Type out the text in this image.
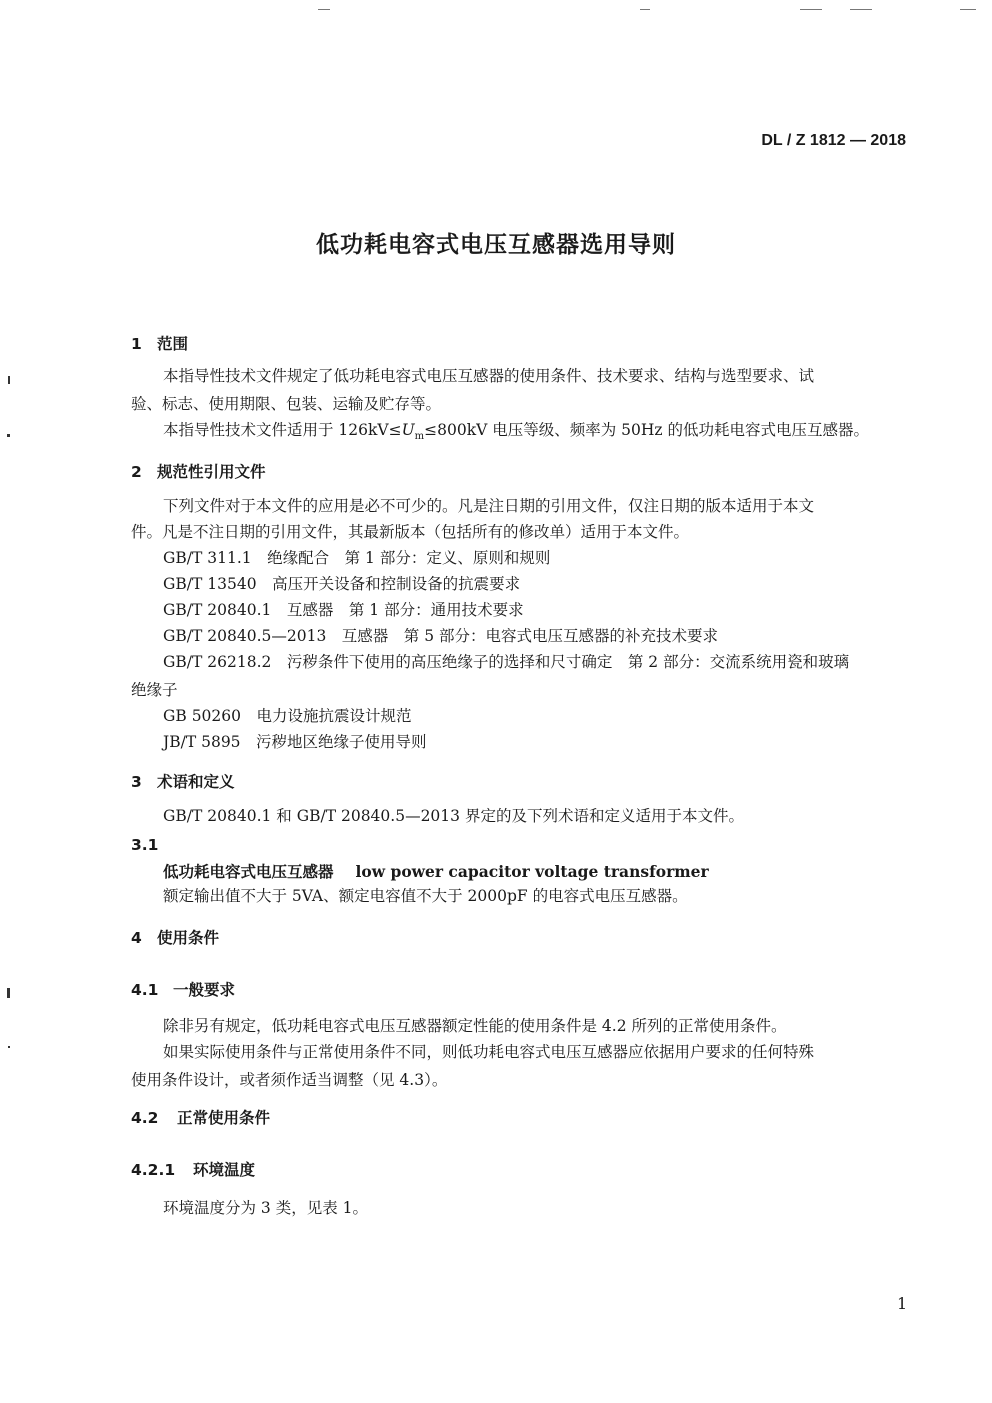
DL / Z 1812 — 2018
低功耗电容式电压互感器选用导则
1 范围
本指导性技术文件规定了低功耗电容式电压互感器的使用条件、技术要求、结构与选型要求、试
验、标志、使用期限、包装、运输及贮存等。
本指导性技术文件适用于 $126kV\le U_m\le 800kV$ 电压等级、频率为 50Hz 的低功耗电容式电压互感器。
2 规范性引用文件
下列文件对于本文件的应用是必不可少的。凡是注日期的引用文件，仅注日期的版本适用于本文
件。凡是不注日期的引用文件，其最新版本（包括所有的修改单）适用于本文件。
GB/T 311.1　绝缘配合　第 1 部分：定义、原则和规则
GB/T 13540　高压开关设备和控制设备的抗震要求
GB/T 20840.1　互感器　第 1 部分：通用技术要求
GB/T 20840.5—2013　互感器　第 5 部分：电容式电压互感器的补充技术要求
GB/T 26218.2　污秽条件下使用的高压绝缘子的选择和尺寸确定　第 2 部分：交流系统用瓷和玻璃
绝缘子
GB 50260　电力设施抗震设计规范
JB/T 5895　污秽地区绝缘子使用导则
3 术语和定义
GB/T 20840.1 和 GB/T 20840.5—2013 界定的及下列术语和定义适用于本文件。
3.1
低功耗电容式电压互感器 low power capacitor voltage transformer
额定输出值不大于 5VA、额定电容值不大于 2000pF 的电容式电压互感器。
4 使用条件
4.1 一般要求
除非另有规定，低功耗电容式电压互感器额定性能的使用条件是 4.2 所列的正常使用条件。
如果实际使用条件与正常使用条件不同，则低功耗电容式电压互感器应依据用户要求的任何特殊
使用条件设计，或者须作适当调整（见 4.3）。
4.2 正常使用条件
4.2.1 环境温度
环境温度分为 3 类，见表 1。
1
